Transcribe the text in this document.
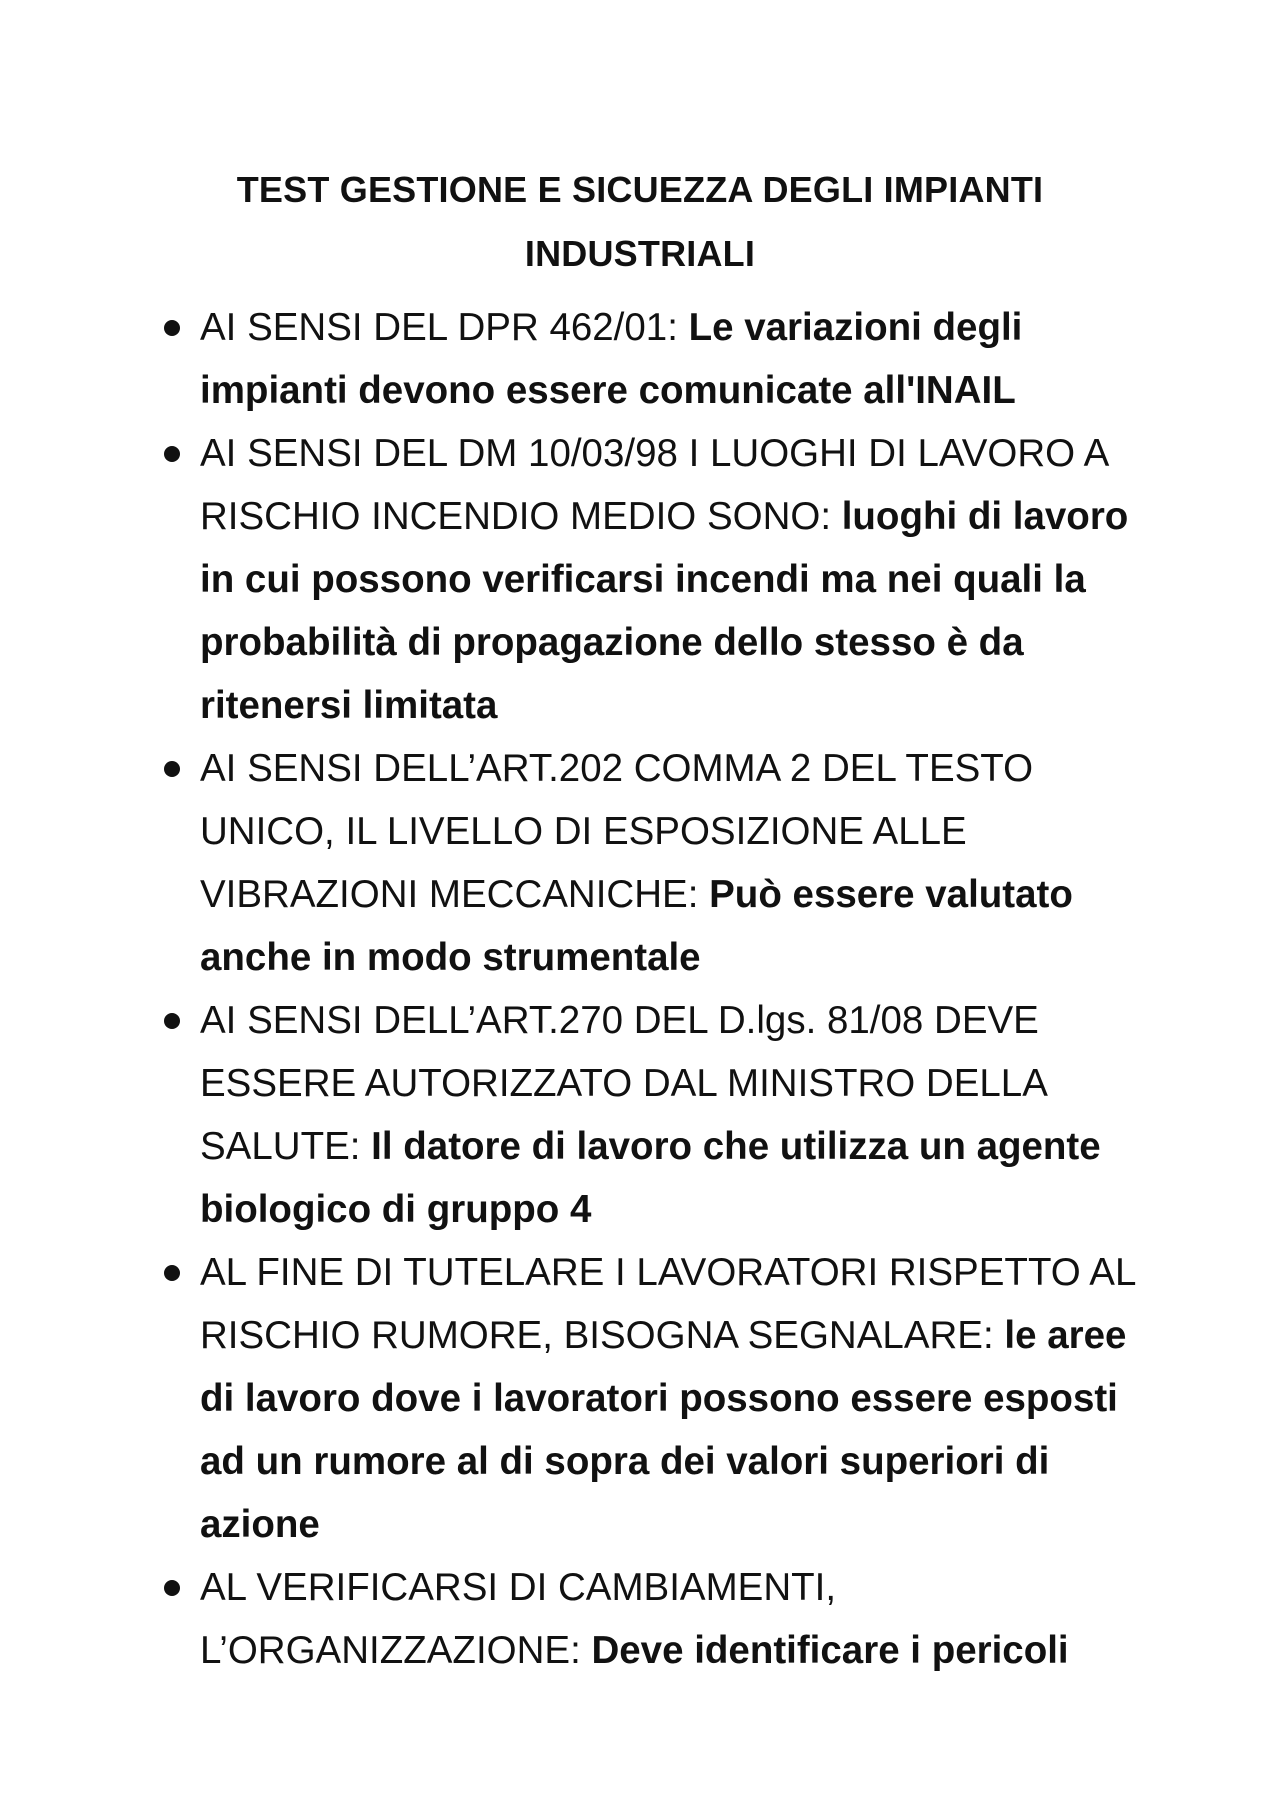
TEST GESTIONE E SICUEZZA DEGLI IMPIANTI
INDUSTRIALI
AI SENSI DEL DPR 462/01: Le variazioni degli impianti devono essere comunicate all'INAIL
AI SENSI DEL DM 10/03/98 I LUOGHI DI LAVORO A RISCHIO INCENDIO MEDIO SONO: luoghi di lavoro in cui possono verificarsi incendi ma nei quali la probabilità di propagazione dello stesso è da ritenersi limitata
AI SENSI DELL’ART.202 COMMA 2 DEL TESTO UNICO, IL LIVELLO DI ESPOSIZIONE ALLE VIBRAZIONI MECCANICHE: Può essere valutato anche in modo strumentale
AI SENSI DELL’ART.270 DEL D.lgs. 81/08 DEVE ESSERE AUTORIZZATO DAL MINISTRO DELLA SALUTE: Il datore di lavoro che utilizza un agente biologico di gruppo 4
AL FINE DI TUTELARE I LAVORATORI RISPETTO AL RISCHIO RUMORE, BISOGNA SEGNALARE: le aree di lavoro dove i lavoratori possono essere esposti ad un rumore al di sopra dei valori superiori di azione
AL VERIFICARSI DI CAMBIAMENTI, L’ORGANIZZAZIONE: Deve identificare i pericoli
